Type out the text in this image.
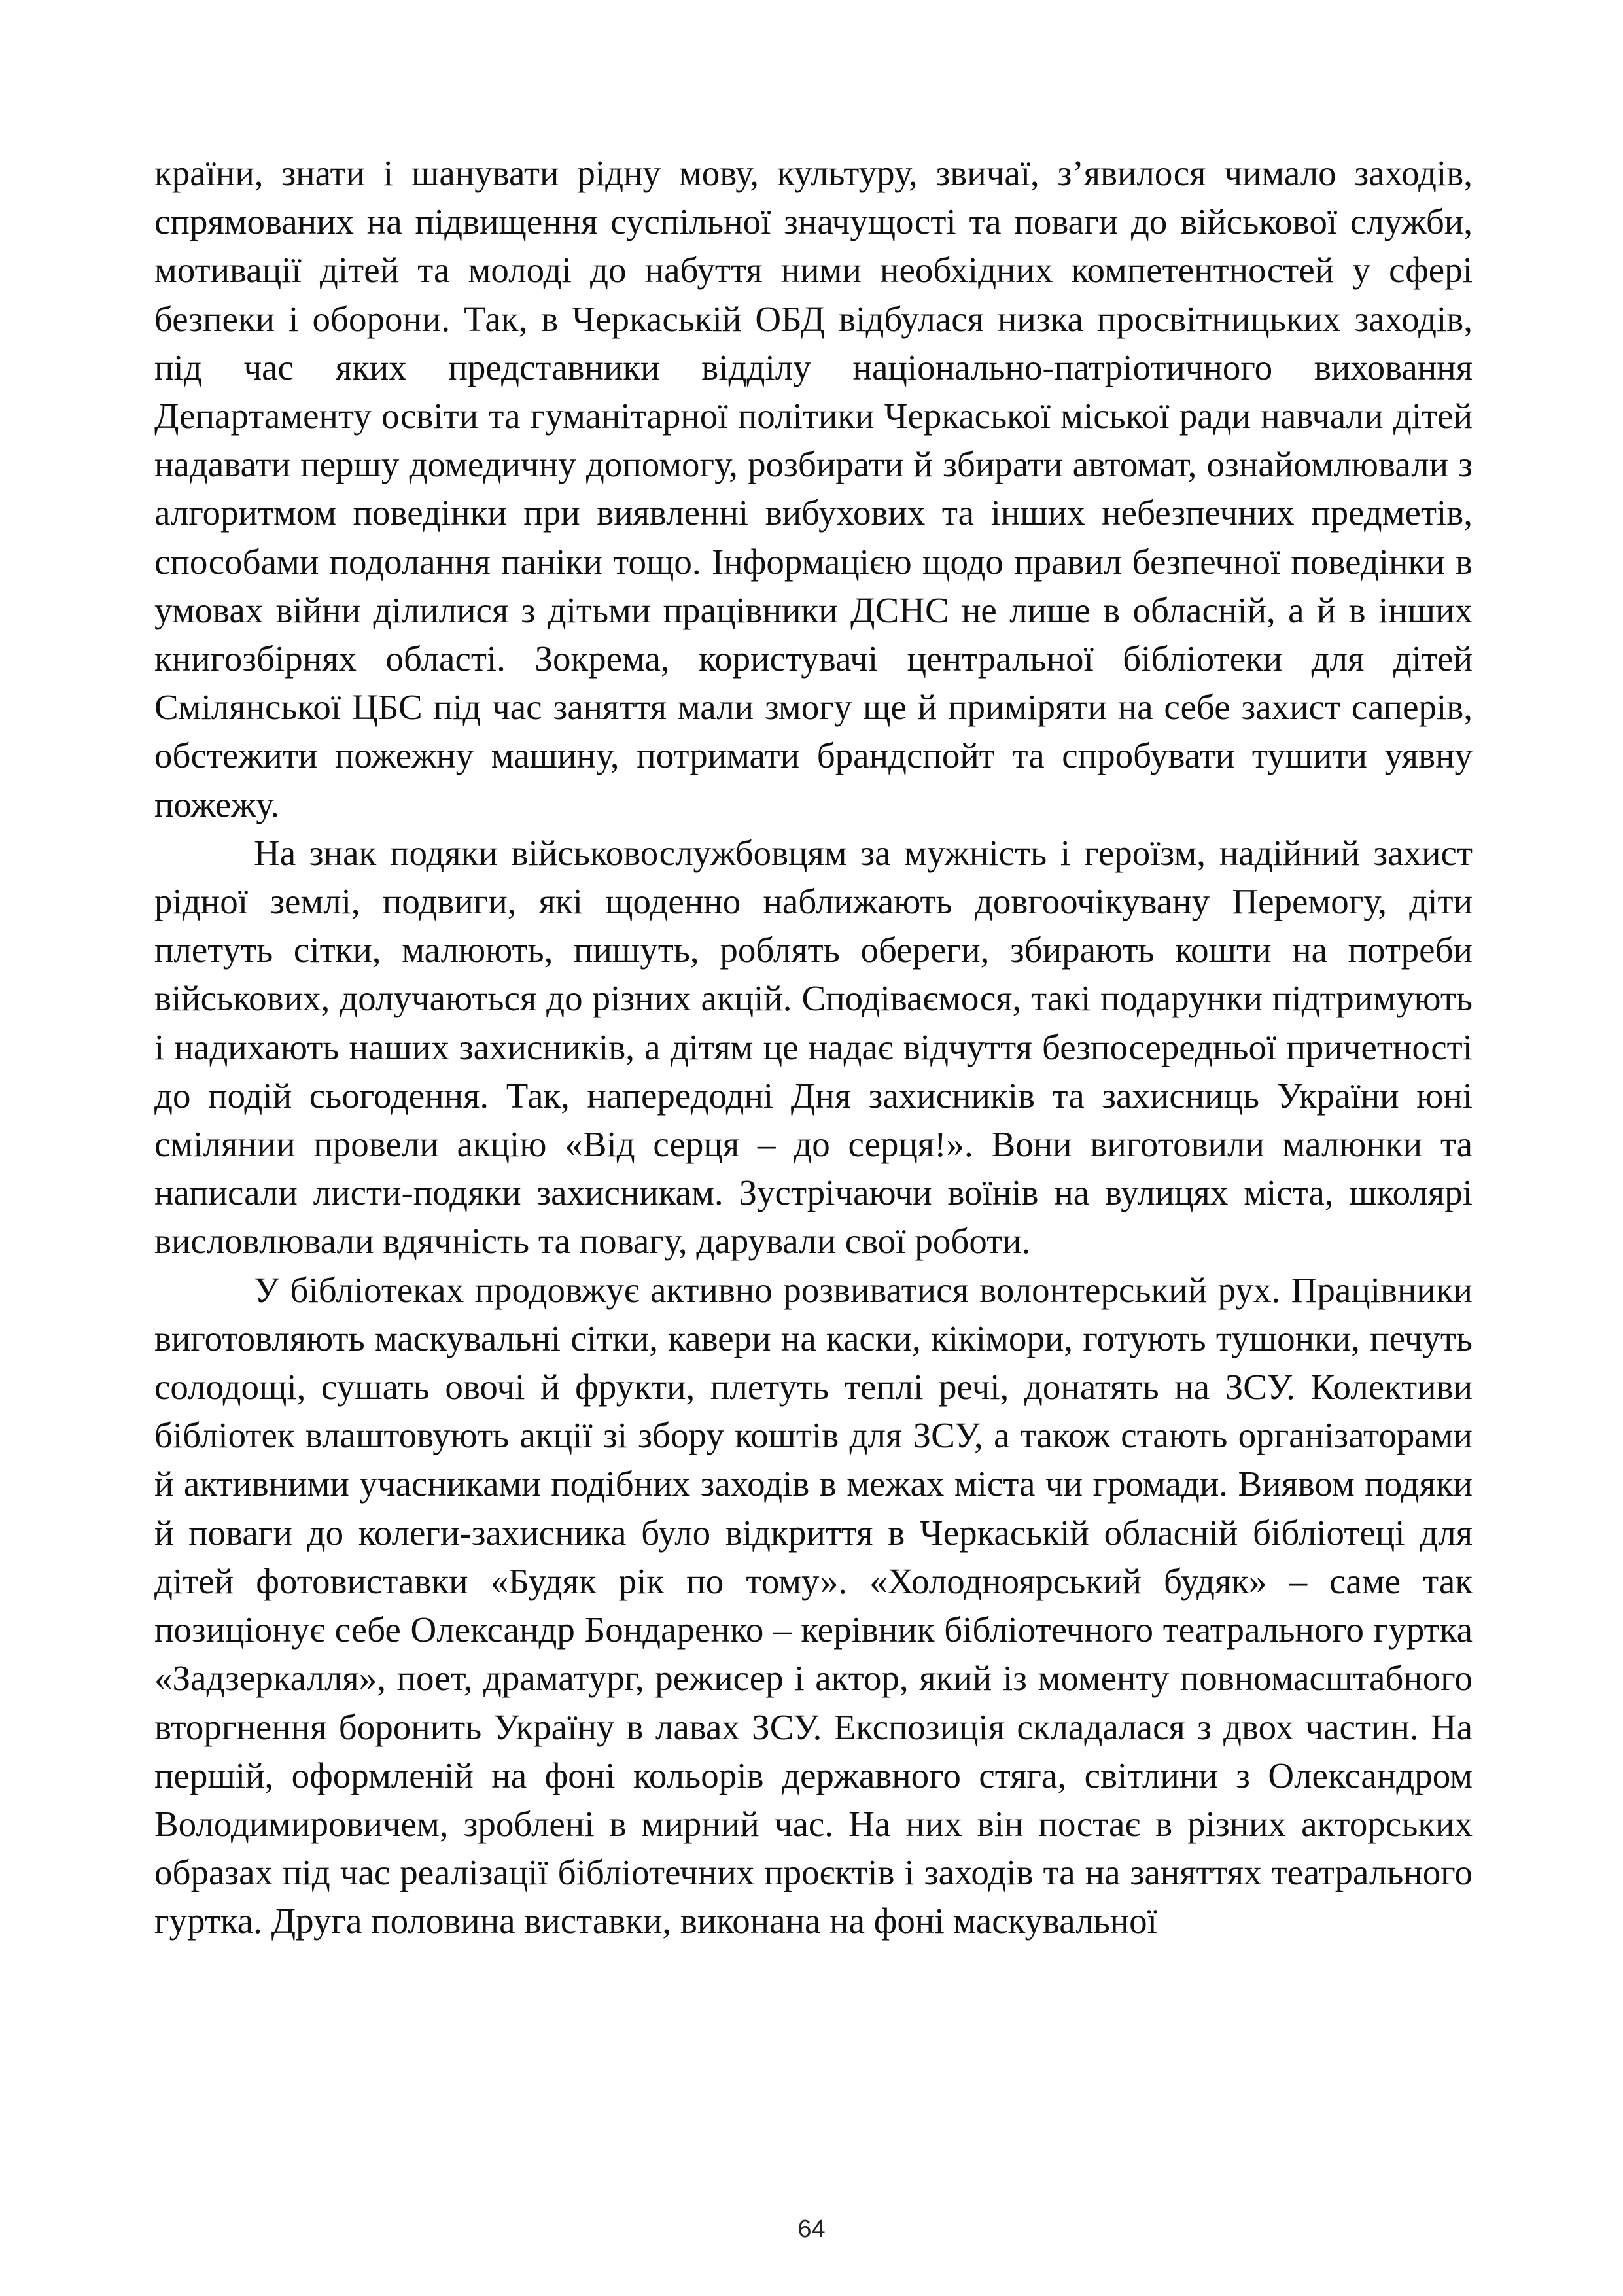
країни, знати і шанувати рідну мову, культуру, звичаї, з’явилося чимало заходів, спрямованих на підвищення суспільної значущості та поваги до військової служби, мотивації дітей та молоді до набуття ними необхідних компетентностей у сфері безпеки і оборони. Так, в Черкаській ОБД відбулася низка просвітницьких заходів, під час яких представники відділу національно-патріотичного виховання Департаменту освіти та гуманітарної політики Черкаської міської ради навчали дітей надавати першу домедичну допомогу, розбирати й збирати автомат, ознайомлювали з алгоритмом поведінки при виявленні вибухових та інших небезпечних предметів, способами подолання паніки тощо. Інформацією щодо правил безпечної поведінки в умовах війни ділилися з дітьми працівники ДСНС не лише в обласній, а й в інших книгозбірнях області. Зокрема, користувачі центральної бібліотеки для дітей Смілянської ЦБС під час заняття мали змогу ще й приміряти на себе захист саперів, обстежити пожежну машину, потримати брандспойт та спробувати тушити уявну пожежу.

На знак подяки військовослужбовцям за мужність і героїзм, надійний захист рідної землі, подвиги, які щоденно наближають довгоочікувану Перемогу, діти плетуть сітки, малюють, пишуть, роблять обереги, збирають кошти на потреби військових, долучаються до різних акцій. Сподіваємося, такі подарунки підтримують і надихають наших захисників, а дітям це надає відчуття безпосередньої причетності до подій сьогодення. Так, напередодні Дня захисників та захисниць України юні смілянии провели акцію «Від серця – до серця!». Вони виготовили малюнки та написали листи-подяки захисникам. Зустрічаючи воїнів на вулицях міста, школярі висловлювали вдячність та повагу, дарували свої роботи.

У бібліотеках продовжує активно розвиватися волонтерський рух. Працівники виготовляють маскувальні сітки, кавери на каски, кікімори, готують тушонки, печуть солодощі, сушать овочі й фрукти, плетуть теплі речі, донатять на ЗСУ. Колективи бібліотек влаштовують акції зі збору коштів для ЗСУ, а також стають організаторами й активними учасниками подібних заходів в межах міста чи громади. Виявом подяки й поваги до колеги-захисника було відкриття в Черкаській обласній бібліотеці для дітей фотовиставки «Будяк рік по тому». «Холодноярський будяк» – саме так позиціонує себе Олександр Бондаренко – керівник бібліотечного театрального гуртка «Задзеркалля», поет, драматург, режисер і актор, який із моменту повномасштабного вторгнення боронить Україну в лавах ЗСУ. Експозиція складалася з двох частин. На першій, оформленій на фоні кольорів державного стяга, світлини з Олександром Володимировичем, зроблені в мирний час. На них він постає в різних акторських образах під час реалізації бібліотечних проєктів і заходів та на заняттях театрального гуртка. Друга половина виставки, виконана на фоні маскувальної

64
